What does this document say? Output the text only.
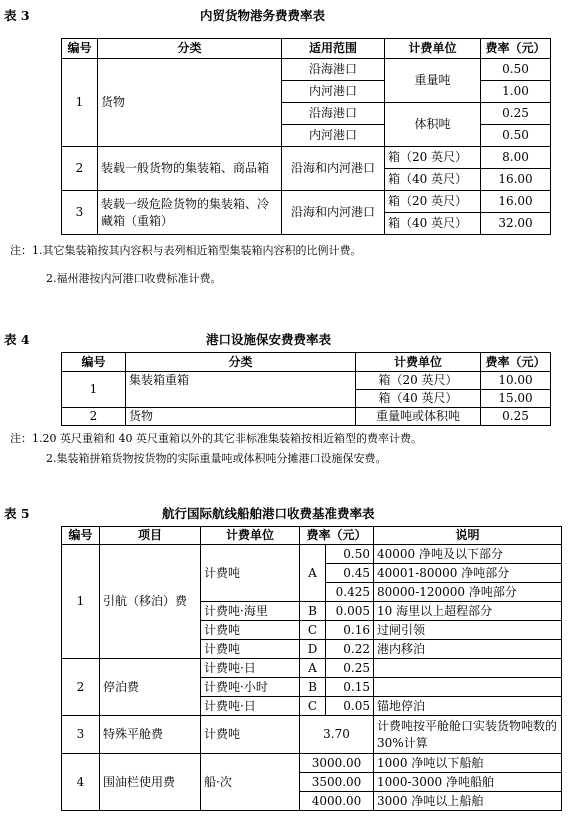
表 3	内贸货物港务费费率表
编号	分类	适用范围	计费单位	费率（元）
1	货物	沿海港口	重量吨	0.50
		内河港口		1.00
		沿海港口	体积吨	0.25
		内河港口		0.50
2	装载一般货物的集装箱、商品箱	沿海和内河港口	箱（20 英尺）	8.00
			箱（40 英尺）	16.00
3	装载一级危险货物的集装箱、冷藏箱（重箱）	沿海和内河港口	箱（20 英尺）	16.00
			箱（40 英尺）	32.00
注：1.其它集装箱按其内容积与表列相近箱型集装箱内容积的比例计费。
2.福州港按内河港口收费标准计费。
表 4	港口设施保安费费率表
编号	分类	计费单位	费率（元）
1	集装箱重箱	箱（20 英尺）	10.00
		箱（40 英尺）	15.00
2	货物	重量吨或体积吨	0.25
注：1.20 英尺重箱和 40 英尺重箱以外的其它非标准集装箱按相近箱型的费率计费。
2.集装箱拼箱货物按货物的实际重量吨或体积吨分摊港口设施保安费。
表 5	航行国际航线船舶港口收费基准费率表
编号	项目	计费单位	费率（元）		说明
1	引航（移泊）费	计费吨	A	0.50	40000 净吨及以下部分
				0.45	40001-80000 净吨部分
				0.425	80000-120000 净吨部分
		计费吨·海里	B	0.005	10 海里以上超程部分
		计费吨	C	0.16	过闸引领
		计费吨	D	0.22	港内移泊
2	停泊费	计费吨·日	A	0.25	
		计费吨·小时	B	0.15	
		计费吨·日	C	0.05	锚地停泊
3	特殊平舱费	计费吨	3.70		计费吨按平舱舱口实装货物吨数的 30%计算
4	围油栏使用费	船·次	3000.00		1000 净吨以下船舶
			3500.00		1000-3000 净吨船舶
			4000.00		3000 净吨以上船舶
